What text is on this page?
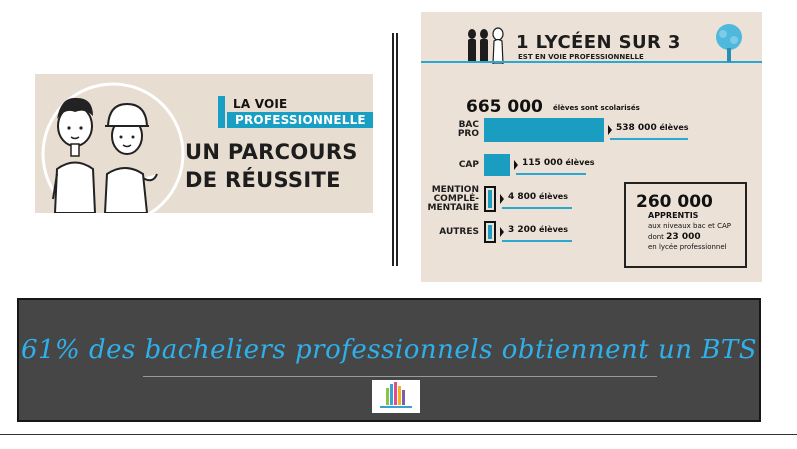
LA VOIE
PROFESSIONNELLE
UN PARCOURS
DE RÉUSSITE
1 LYCÉEN SUR 3
EST EN VOIE PROFESSIONNELLE
665 000 élèves sont scolarisés
260 000
APPRENTIS
aux niveaux bac et CAP
dont 23 000
en lycée professionnel
BAC
PRO
538 000 élèves
CAP	115 000 élèves
MENTION
COMPLÉ-
MENTAIRE
4 800 élèves
AUTRES	3 200 élèves
61% des bacheliers professionnels obtiennent un BTS
